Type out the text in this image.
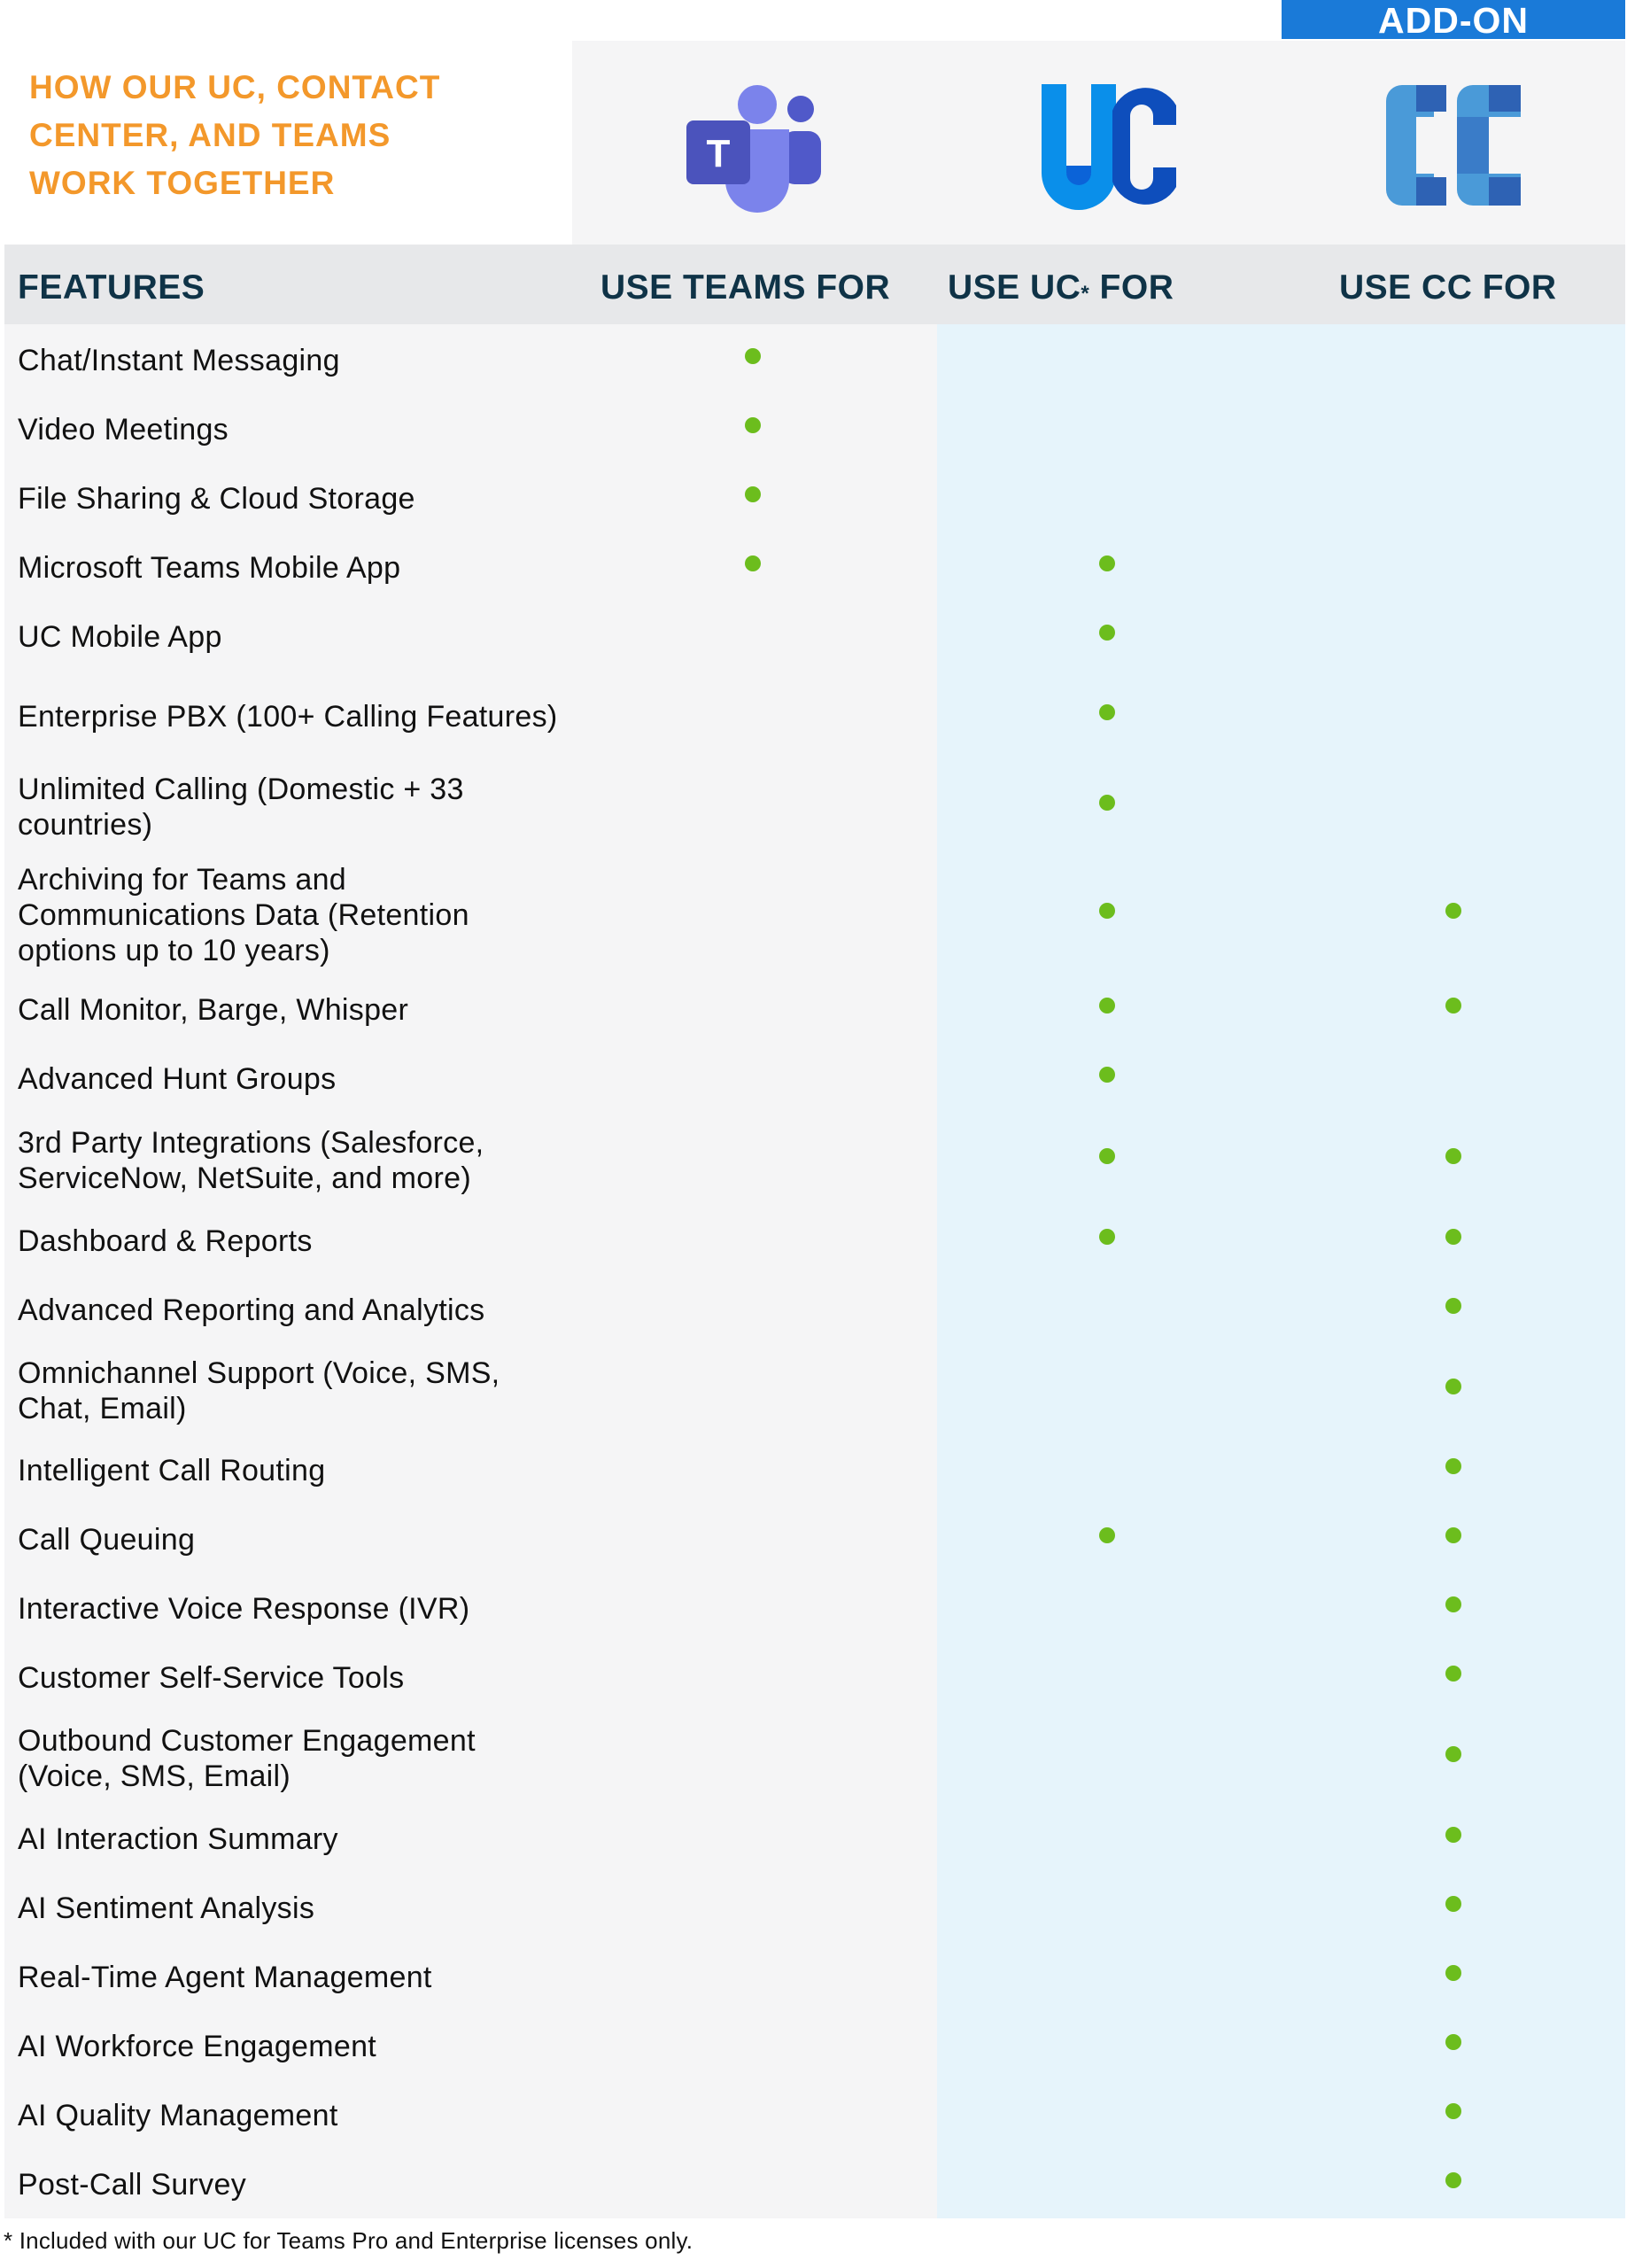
ADD-ON
HOW OUR UC, CONTACT
CENTER, AND TEAMS
WORK TOGETHER
T
FEATURES	USE TEAMS FOR USE UC* FOR	USE CC FOR
Chat/Instant Messaging
Video Meetings
File Sharing & Cloud Storage
Microsoft Teams Mobile App
UC Mobile App
Enterprise PBX (100+ Calling Features)
Unlimited Calling (Domestic + 33 countries)
Archiving for Teams and Communications Data (Retention options up to 10 years)
Call Monitor, Barge, Whisper
Advanced Hunt Groups
3rd Party Integrations (Salesforce, ServiceNow, NetSuite, and more)
Dashboard & Reports
Advanced Reporting and Analytics
Omnichannel Support (Voice, SMS, Chat, Email)
Intelligent Call Routing
Call Queuing
Interactive Voice Response (IVR)
Customer Self-Service Tools
Outbound Customer Engagement (Voice, SMS, Email)
AI Interaction Summary
AI Sentiment Analysis
Real-Time Agent Management
AI Workforce Engagement
AI Quality Management
Post-Call Survey
* Included with our UC for Teams Pro and Enterprise licenses only.
